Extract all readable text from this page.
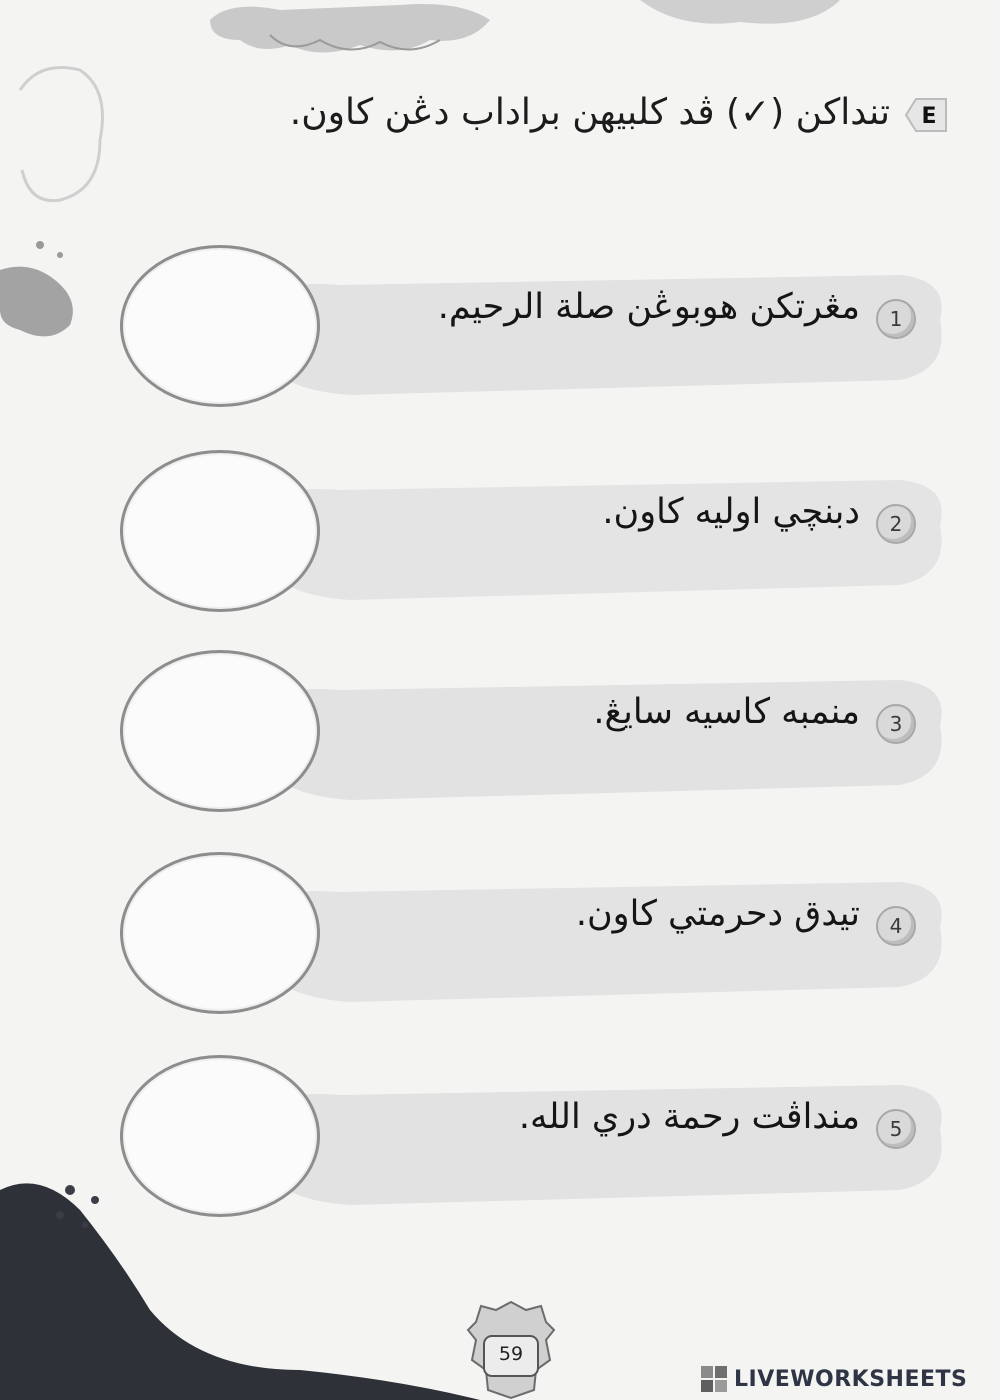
E
تنداكن (✓) ڤد كلبيهن براداب دڠن كاون.
1
مڠرتكن هوبوڠن صلة الرحيم.
2
دبنچي اوليه كاون.
3
منمبه كاسيه سايڠ.
4
تيدق دحرمتي كاون.
5
منداڤت رحمة دري الله.
59
LIVEWORKSHEETS
